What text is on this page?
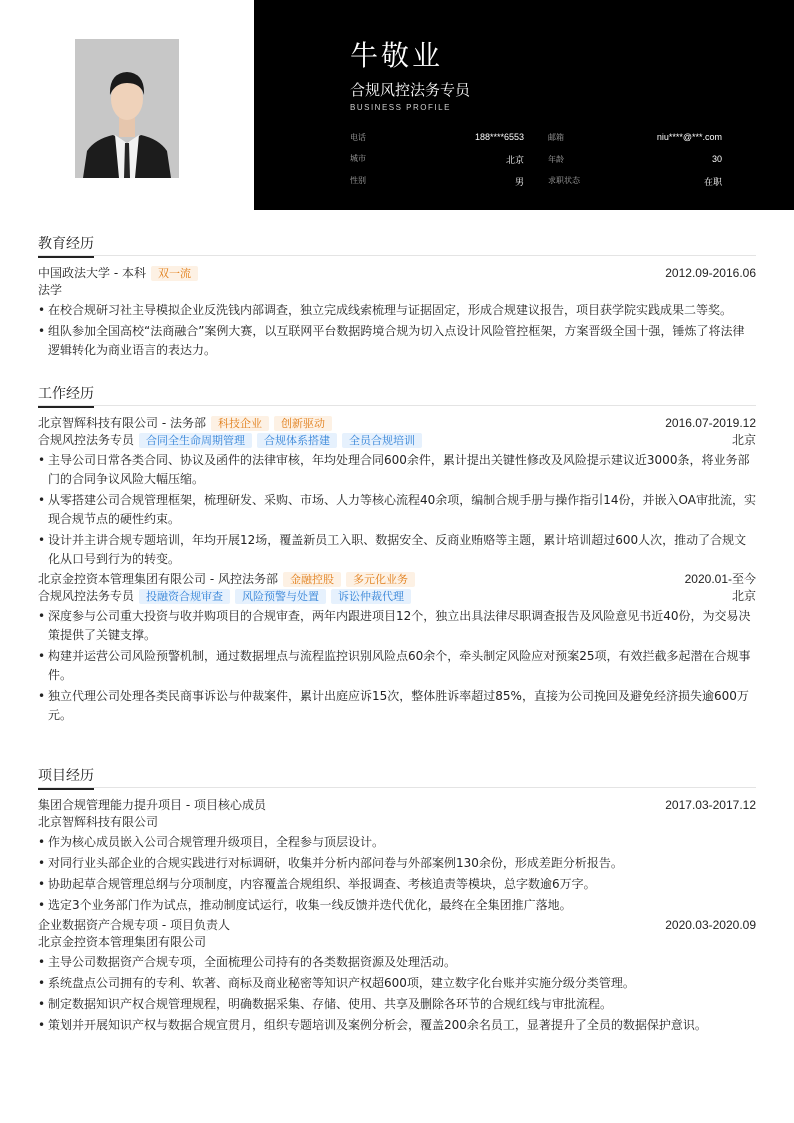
牛敬业
合规风控法务专员
BUSINESS PROFILE
电话	188****6553	邮箱	niu****@***.com
城市	北京	年龄	30
性别	男	求职状态	在职
教育经历
中国政法大学 - 本科	双一流	2012.09-2016.06
法学
• 在校合规研习社主导模拟企业反洗钱内部调查，独立完成线索梳理与证据固定，形成合规建议报告，项目获学院实践成果二等奖。
• 组队参加全国高校“法商融合”案例大赛，以互联网平台数据跨境合规为切入点设计风险管控框架，方案晋级全国十强，锤炼了将法律逻辑转化为商业语言的表达力。
工作经历
北京智辉科技有限公司 - 法务部	科技企业	创新驱动	2016.07-2019.12
合规风控法务专员	合同全生命周期管理	合规体系搭建	全员合规培训	北京
• 主导公司日常各类合同、协议及函件的法律审核，年均处理合同600余件，累计提出关键性修改及风险提示建议近3000条，将业务部门的合同争议风险大幅压缩。
• 从零搭建公司合规管理框架，梳理研发、采购、市场、人力等核心流程40余项，编制合规手册与操作指引14份，并嵌入OA审批流，实现合规节点的硬性约束。
• 设计并主讲合规专题培训，年均开展12场，覆盖新员工入职、数据安全、反商业贿赂等主题，累计培训超过600人次，推动了合规文化从口号到行为的转变。
北京金控资本管理集团有限公司 - 风控法务部	金融控股	多元化业务	2020.01-至今
合规风控法务专员	投融资合规审查	风险预警与处置	诉讼仲裁代理	北京
• 深度参与公司重大投资与收并购项目的合规审查，两年内跟进项目12个，独立出具法律尽职调查报告及风险意见书近40份，为交易决策提供了关键支撑。
• 构建并运营公司风险预警机制，通过数据埋点与流程监控识别风险点60余个，牵头制定风险应对预案25项，有效拦截多起潜在合规事件。
• 独立代理公司处理各类民商事诉讼与仲裁案件，累计出庭应诉15次，整体胜诉率超过85%，直接为公司挽回及避免经济损失逾600万元。
项目经历
集团合规管理能力提升项目 - 项目核心成员	2017.03-2017.12
北京智辉科技有限公司
• 作为核心成员嵌入公司合规管理升级项目，全程参与顶层设计。
• 对同行业头部企业的合规实践进行对标调研，收集并分析内部问卷与外部案例130余份，形成差距分析报告。
• 协助起草合规管理总纲与分项制度，内容覆盖合规组织、举报调查、考核追责等模块，总字数逾6万字。
• 选定3个业务部门作为试点，推动制度试运行，收集一线反馈并迭代优化，最终在全集团推广落地。
企业数据资产合规专项 - 项目负责人	2020.03-2020.09
北京金控资本管理集团有限公司
• 主导公司数据资产合规专项，全面梳理公司持有的各类数据资源及处理活动。
• 系统盘点公司拥有的专利、软著、商标及商业秘密等知识产权超600项，建立数字化台账并实施分级分类管理。
• 制定数据知识产权合规管理规程，明确数据采集、存储、使用、共享及删除各环节的合规红线与审批流程。
• 策划并开展知识产权与数据合规宣贯月，组织专题培训及案例分析会，覆盖200余名员工，显著提升了全员的数据保护意识。
